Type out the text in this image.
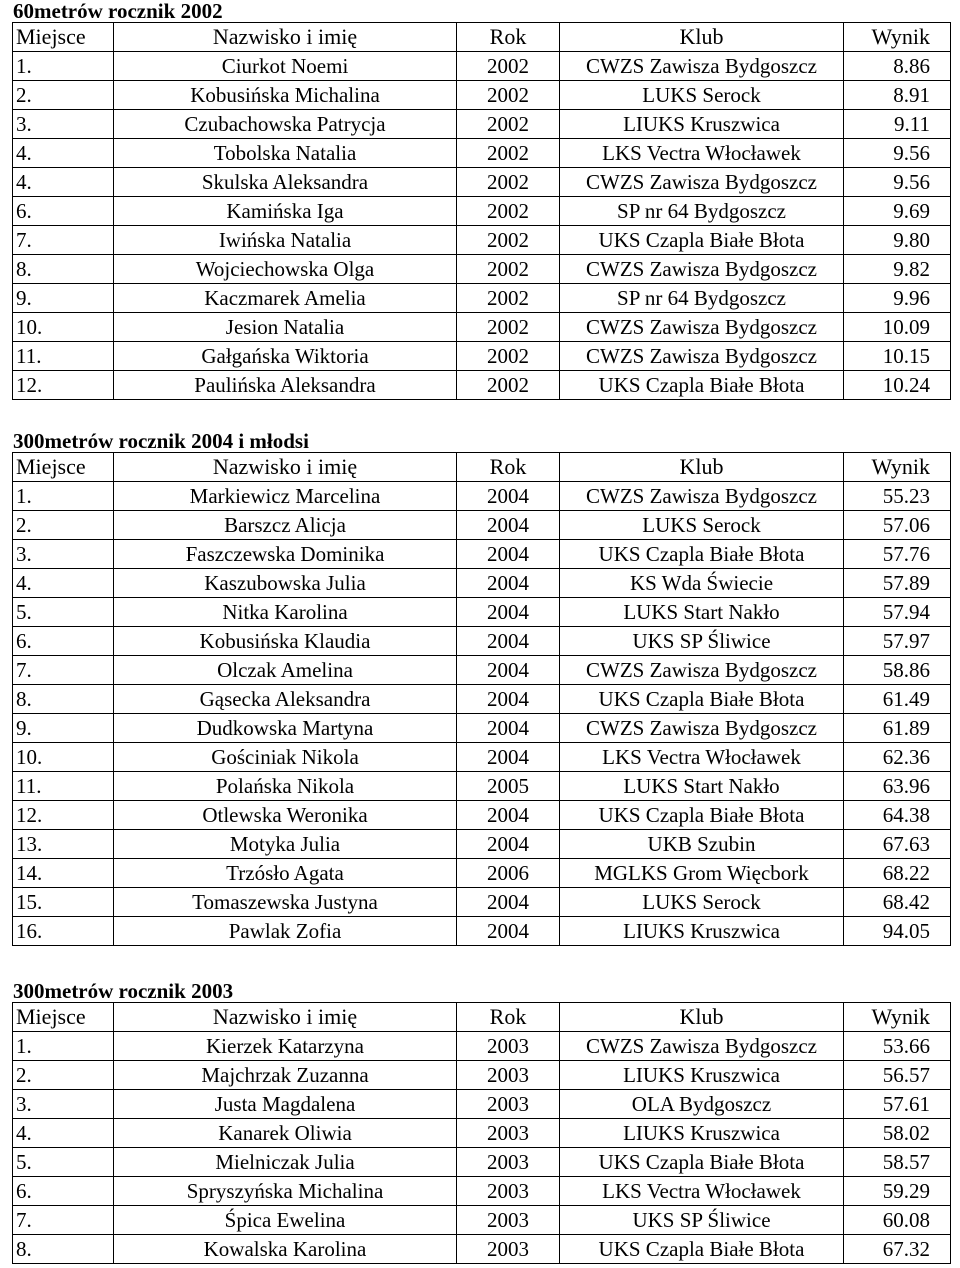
60metrów rocznik 2002
Miejsce	Nazwisko i imię	Rok	Klub	Wynik
1.	Ciurkot Noemi	2002	CWZS Zawisza Bydgoszcz	8.86
2.	Kobusińska Michalina	2002	LUKS Serock	8.91
3.	Czubachowska Patrycja	2002	LIUKS Kruszwica	9.11
4.	Tobolska Natalia	2002	LKS Vectra Włocławek	9.56
4.	Skulska Aleksandra	2002	CWZS Zawisza Bydgoszcz	9.56
6.	Kamińska Iga	2002	SP nr 64 Bydgoszcz	9.69
7.	Iwińska Natalia	2002	UKS Czapla Białe Błota	9.80
8.	Wojciechowska Olga	2002	CWZS Zawisza Bydgoszcz	9.82
9.	Kaczmarek Amelia	2002	SP nr 64 Bydgoszcz	9.96
10.	Jesion Natalia	2002	CWZS Zawisza Bydgoszcz	10.09
11.	Gałgańska Wiktoria	2002	CWZS Zawisza Bydgoszcz	10.15
12.	Paulińska Aleksandra	2002	UKS Czapla Białe Błota	10.24
300metrów rocznik 2004 i młodsi
Miejsce	Nazwisko i imię	Rok	Klub	Wynik
1.	Markiewicz Marcelina	2004	CWZS Zawisza Bydgoszcz	55.23
2.	Barszcz Alicja	2004	LUKS Serock	57.06
3.	Faszczewska Dominika	2004	UKS Czapla Białe Błota	57.76
4.	Kaszubowska Julia	2004	KS Wda Świecie	57.89
5.	Nitka Karolina	2004	LUKS Start Nakło	57.94
6.	Kobusińska Klaudia	2004	UKS SP Śliwice	57.97
7.	Olczak Amelina	2004	CWZS Zawisza Bydgoszcz	58.86
8.	Gąsecka Aleksandra	2004	UKS Czapla Białe Błota	61.49
9.	Dudkowska Martyna	2004	CWZS Zawisza Bydgoszcz	61.89
10.	Gościniak Nikola	2004	LKS Vectra Włocławek	62.36
11.	Polańska Nikola	2005	LUKS Start Nakło	63.96
12.	Otlewska Weronika	2004	UKS Czapla Białe Błota	64.38
13.	Motyka Julia	2004	UKB Szubin	67.63
14.	Trzósło Agata	2006	MGLKS Grom Więcbork	68.22
15.	Tomaszewska Justyna	2004	LUKS Serock	68.42
16.	Pawlak Zofia	2004	LIUKS Kruszwica	94.05
300metrów rocznik 2003
Miejsce	Nazwisko i imię	Rok	Klub	Wynik
1.	Kierzek Katarzyna	2003	CWZS Zawisza Bydgoszcz	53.66
2.	Majchrzak Zuzanna	2003	LIUKS Kruszwica	56.57
3.	Justa Magdalena	2003	OLA Bydgoszcz	57.61
4.	Kanarek Oliwia	2003	LIUKS Kruszwica	58.02
5.	Mielniczak Julia	2003	UKS Czapla Białe Błota	58.57
6.	Spryszyńska Michalina	2003	LKS Vectra Włocławek	59.29
7.	Śpica Ewelina	2003	UKS SP Śliwice	60.08
8.	Kowalska Karolina	2003	UKS Czapla Białe Błota	67.32
